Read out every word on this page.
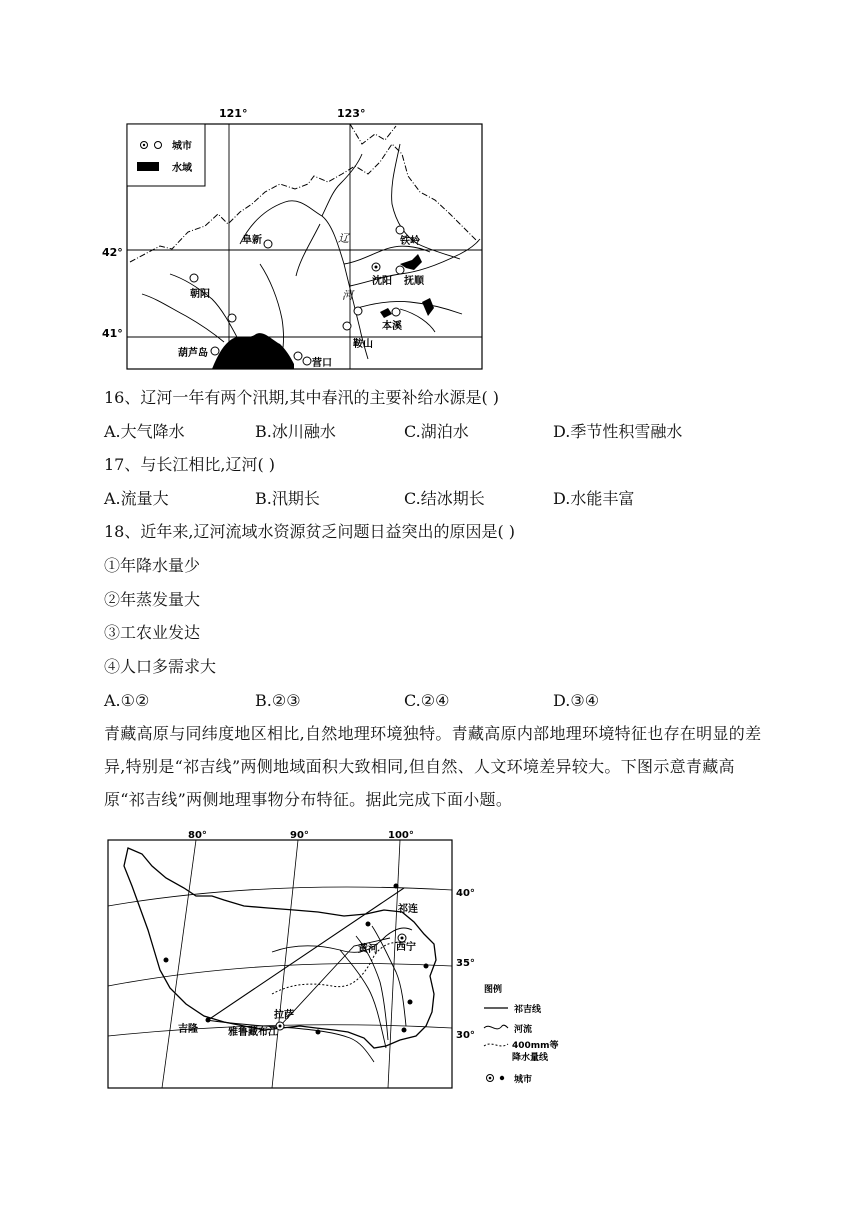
121°	123°
42°
41°
辽
河
城市
水域
阜新	铁岭
沈阳 抚顺
朝阳
本溪
鞍山
葫芦岛
营口
16、辽河一年有两个汛期,其中春汛的主要补给水源是( )
A.大气降水	B.冰川融水	C.湖泊水	D.季节性积雪融水
17、与长江相比,辽河( )
A.流量大	B.汛期长	C.结冰期长	D.水能丰富
18、近年来,辽河流域水资源贫乏问题日益突出的原因是( )
①年降水量少
②年蒸发量大
③工农业发达
④人口多需求大
A.①②	B.②③	C.②④	D.③④
青藏高原与同纬度地区相比,自然地理环境独特。青藏高原内部地理环境特征也存在明显的差异,特别是“祁吉线”两侧地域面积大致相同,但自然、人文环境差异较大。下图示意青藏高原“祁吉线”两侧地理事物分布特征。据此完成下面小题。
80°	90°	100°
40°
35°
30°
祁连
西宁
黄河
拉萨
吉隆	雅鲁藏布江
图例
祁吉线
河流
400mm等
降水量线
城市
